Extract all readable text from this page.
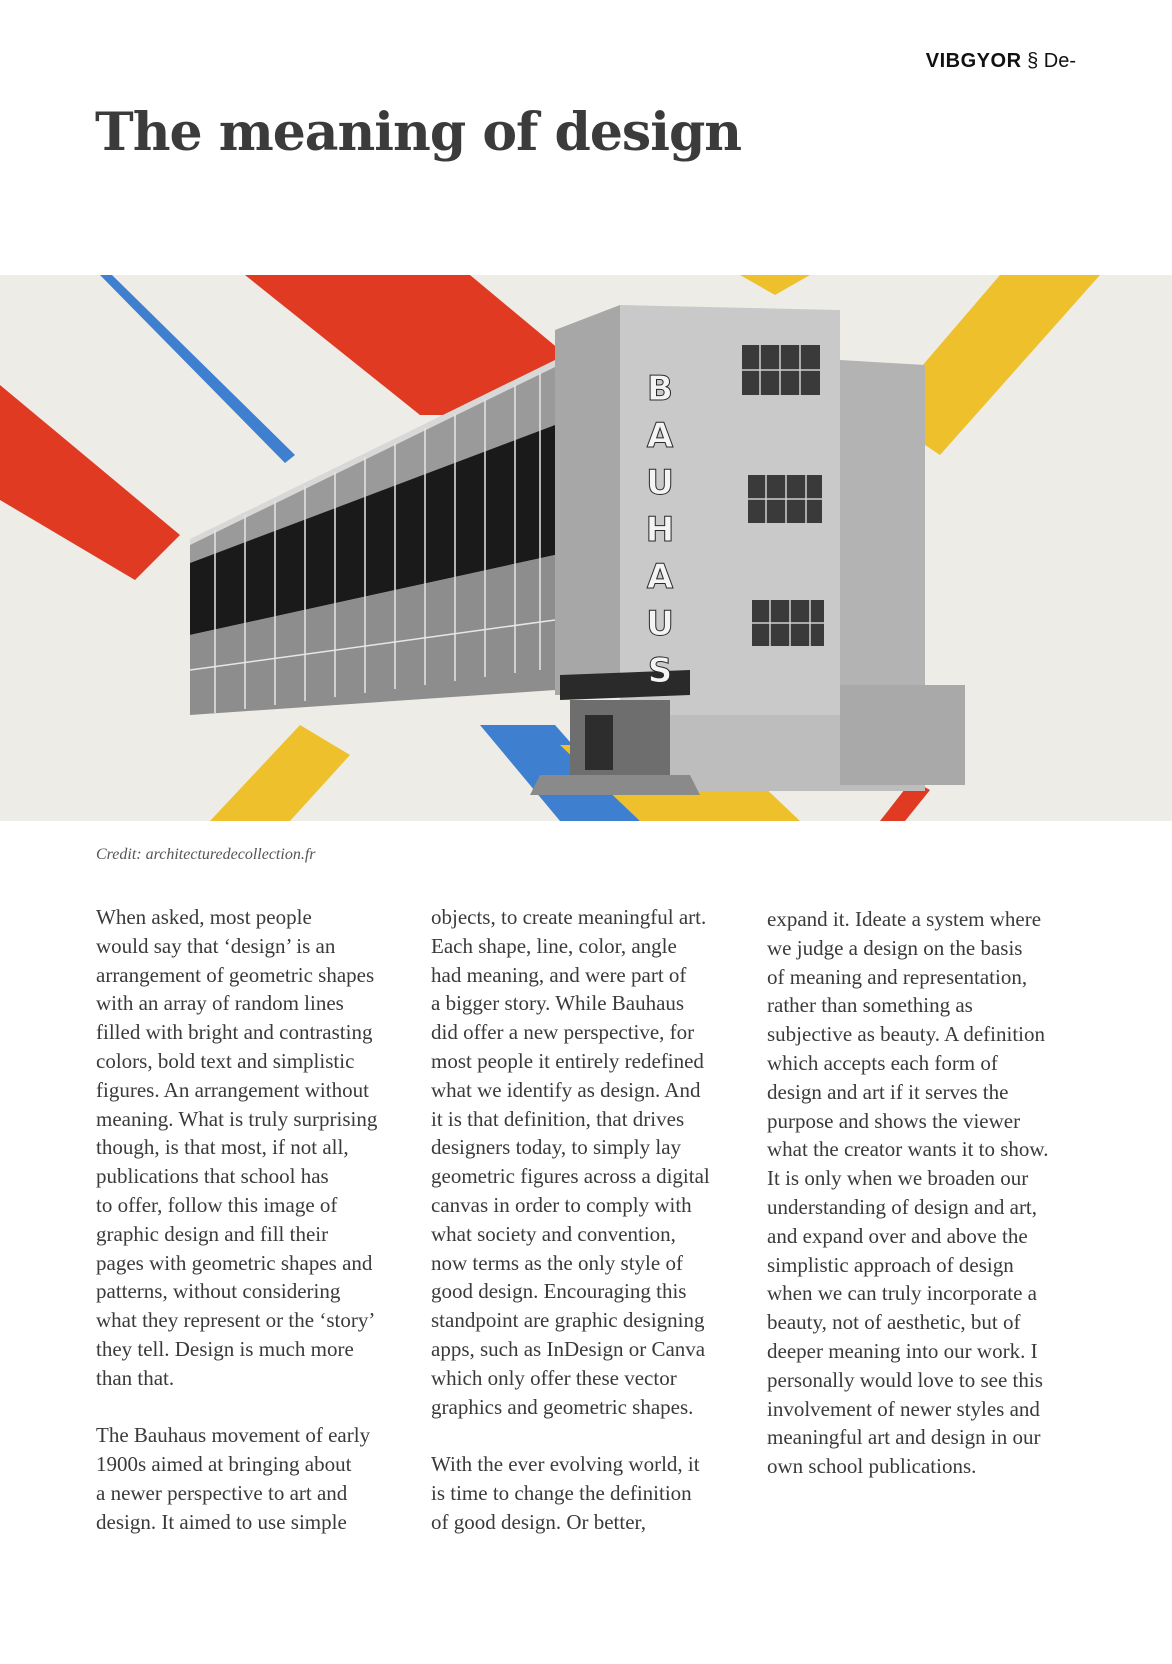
VIBGYOR § De-
The meaning of design
B
A
U
H
A
U
S
Credit: architecturedecollection.fr

When asked, most people
would say that ‘design’ is an
arrangement of geometric shapes
with an array of random lines
filled with bright and contrasting
colors, bold text and simplistic
figures. An arrangement without
meaning. What is truly surprising
though, is that most, if not all,
publications that school has
to offer, follow this image of
graphic design and fill their
pages with geometric shapes and
patterns, without considering
what they represent or the ‘story’
they tell. Design is much more
than that.

The Bauhaus movement of early
1900s aimed at bringing about
a newer perspective to art and
design. It aimed to use simple

objects, to create meaningful art.
Each shape, line, color, angle
had meaning, and were part of
a bigger story. While Bauhaus
did offer a new perspective, for
most people it entirely redefined
what we identify as design. And
it is that definition, that drives
designers today, to simply lay
geometric figures across a digital
canvas in order to comply with
what society and convention,
now terms as the only style of
good design. Encouraging this
standpoint are graphic designing
apps, such as InDesign or Canva
which only offer these vector
graphics and geometric shapes.

With the ever evolving world, it
is time to change the definition
of good design. Or better,

expand it. Ideate a system where
we judge a design on the basis
of meaning and representation,
rather than something as
subjective as beauty. A definition
which accepts each form of
design and art if it serves the
purpose and shows the viewer
what the creator wants it to show.
It is only when we broaden our
understanding of design and art,
and expand over and above the
simplistic approach of design
when we can truly incorporate a
beauty, not of aesthetic, but of
deeper meaning into our work. I
personally would love to see this
involvement of newer styles and
meaningful art and design in our
own school publications.
